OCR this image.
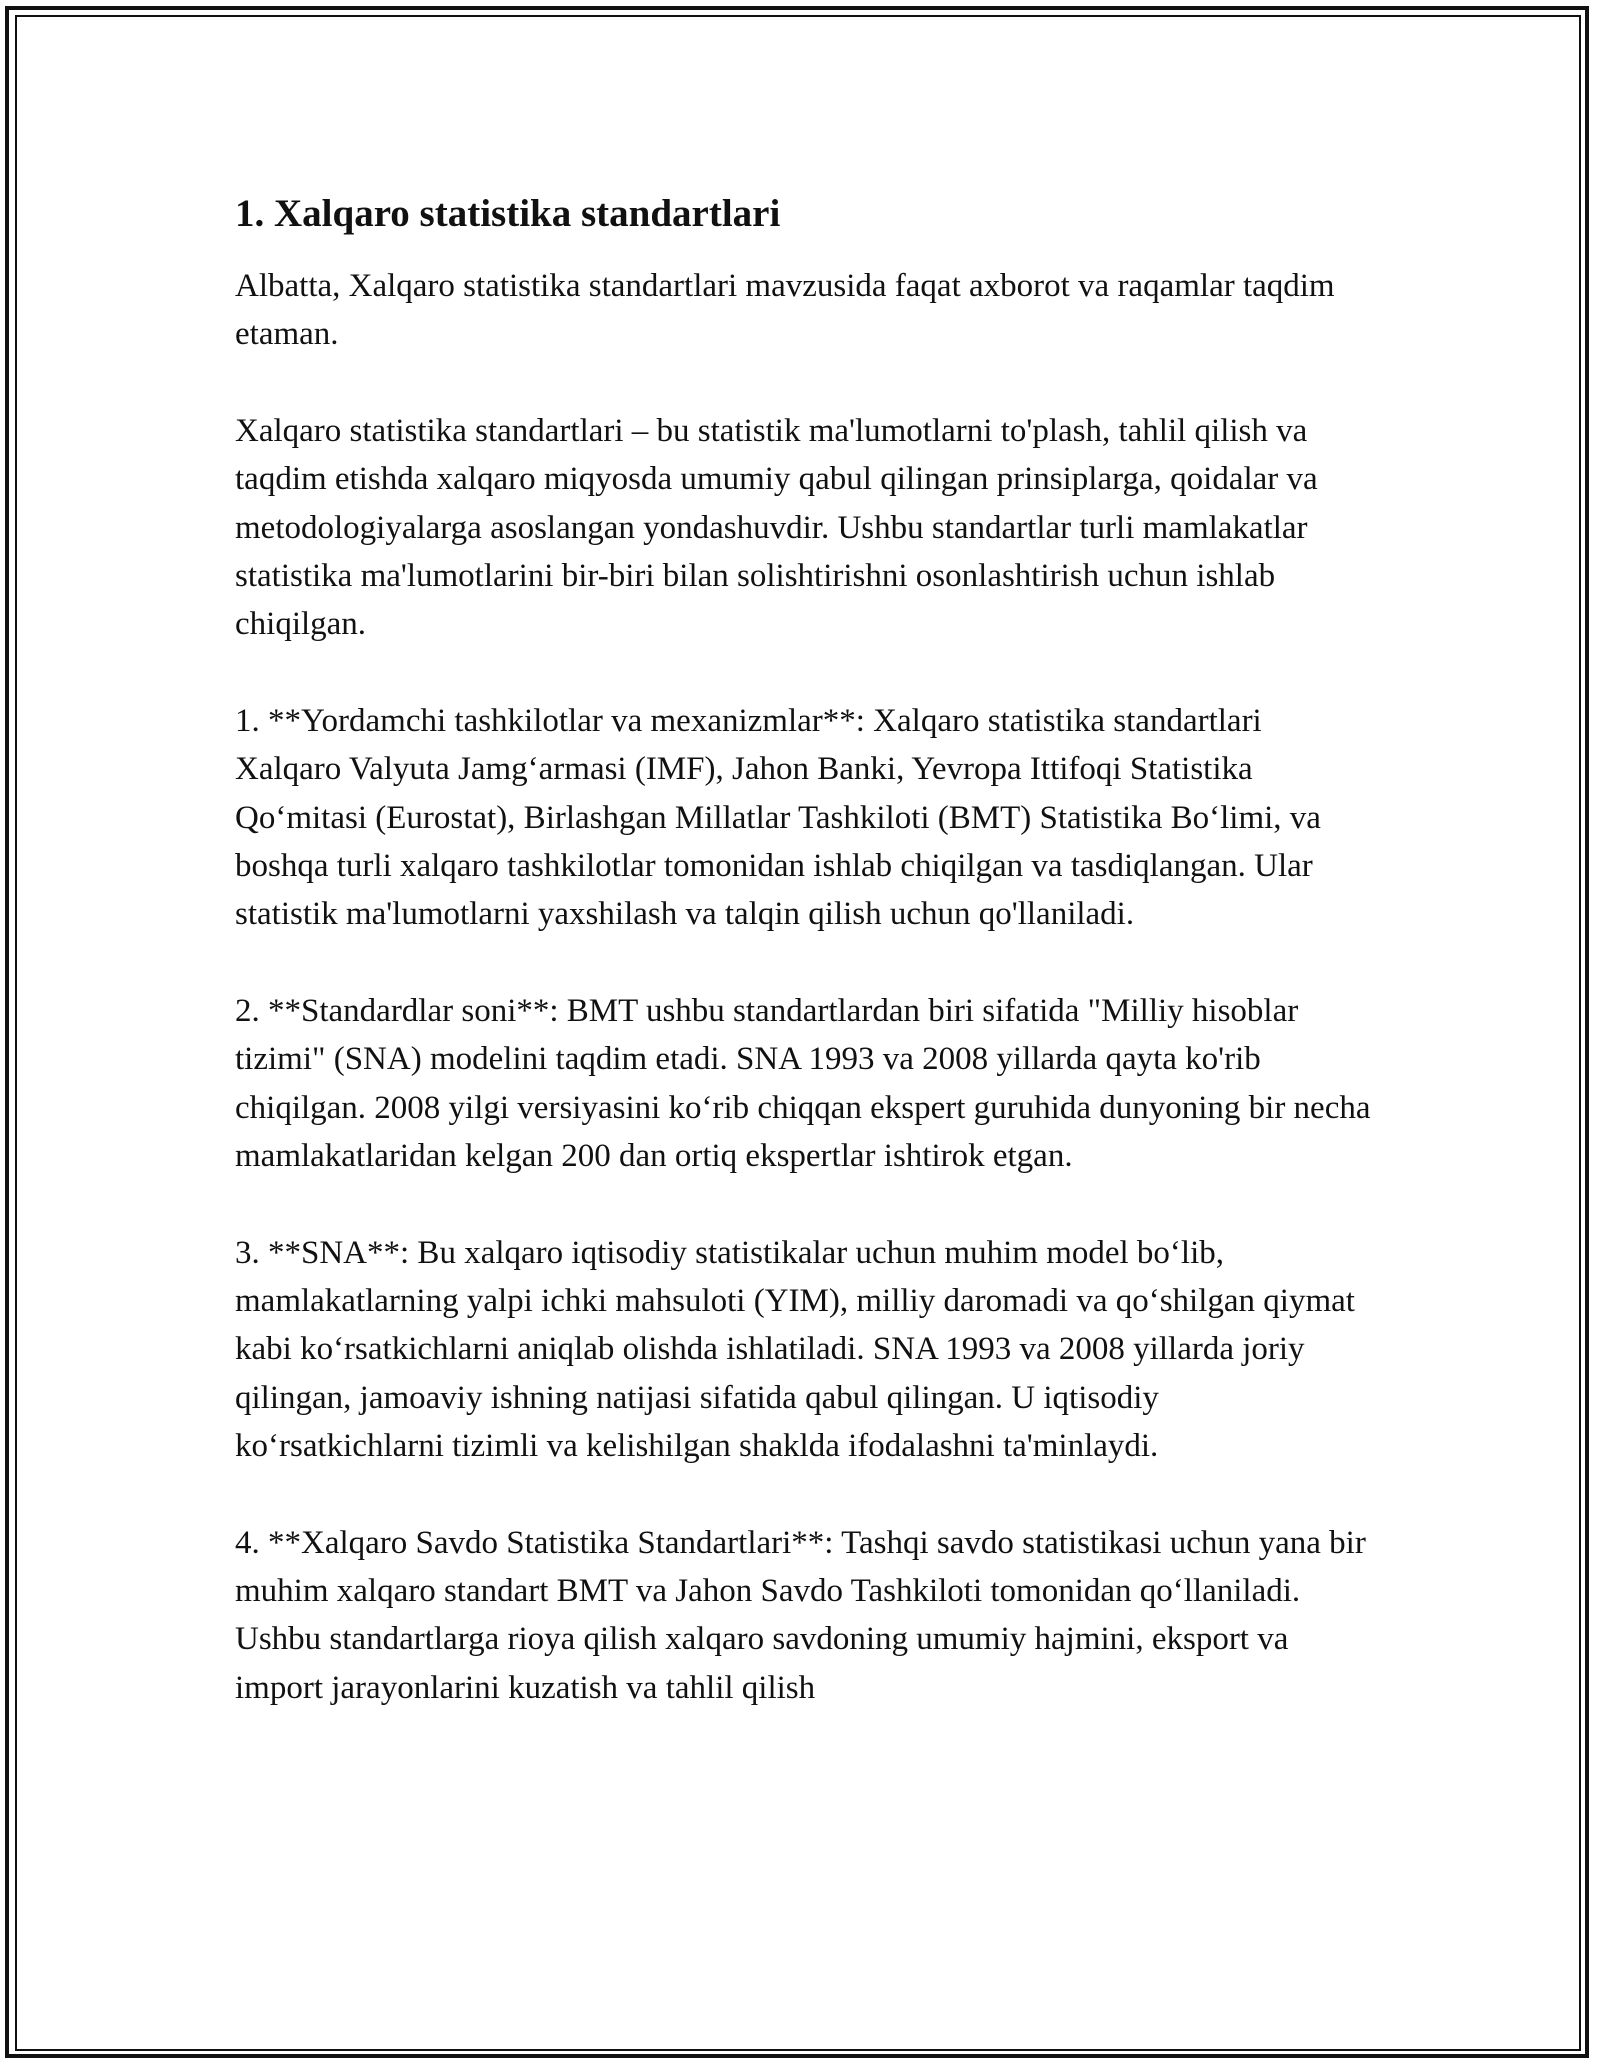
1. Xalqaro statistika standartlari

Albatta, Xalqaro statistika standartlari mavzusida faqat axborot va raqamlar taqdim etaman.

Xalqaro statistika standartlari – bu statistik ma'lumotlarni to'plash, tahlil qilish va taqdim etishda xalqaro miqyosda umumiy qabul qilingan prinsiplarga, qoidalar va metodologiyalarga asoslangan yondashuvdir. Ushbu standartlar turli mamlakatlar statistika ma'lumotlarini bir-biri bilan solishtirishni osonlashtirish uchun ishlab chiqilgan.

1. **Yordamchi tashkilotlar va mexanizmlar**: Xalqaro statistika standartlari Xalqaro Valyuta Jamg‘armasi (IMF), Jahon Banki, Yevropa Ittifoqi Statistika Qo‘mitasi (Eurostat), Birlashgan Millatlar Tashkiloti (BMT) Statistika Bo‘limi, va boshqa turli xalqaro tashkilotlar tomonidan ishlab chiqilgan va tasdiqlangan. Ular statistik ma'lumotlarni yaxshilash va talqin qilish uchun qo'llaniladi.

2. **Standardlar soni**: BMT ushbu standartlardan biri sifatida "Milliy hisoblar tizimi" (SNA) modelini taqdim etadi. SNA 1993 va 2008 yillarda qayta ko'rib chiqilgan. 2008 yilgi versiyasini ko‘rib chiqqan ekspert guruhida dunyoning bir necha mamlakatlaridan kelgan 200 dan ortiq ekspertlar ishtirok etgan.

3. **SNA**: Bu xalqaro iqtisodiy statistikalar uchun muhim model bo‘lib, mamlakatlarning yalpi ichki mahsuloti (YIM), milliy daromadi va qo‘shilgan qiymat kabi ko‘rsatkichlarni aniqlab olishda ishlatiladi. SNA 1993 va 2008 yillarda joriy qilingan, jamoaviy ishning natijasi sifatida qabul qilingan. U iqtisodiy ko‘rsatkichlarni tizimli va kelishilgan shaklda ifodalashni ta'minlaydi.

4. **Xalqaro Savdo Statistika Standartlari**: Tashqi savdo statistikasi uchun yana bir muhim xalqaro standart BMT va Jahon Savdo Tashkiloti tomonidan qo‘llaniladi. Ushbu standartlarga rioya qilish xalqaro savdoning umumiy hajmini, eksport va import jarayonlarini kuzatish va tahlil qilish
